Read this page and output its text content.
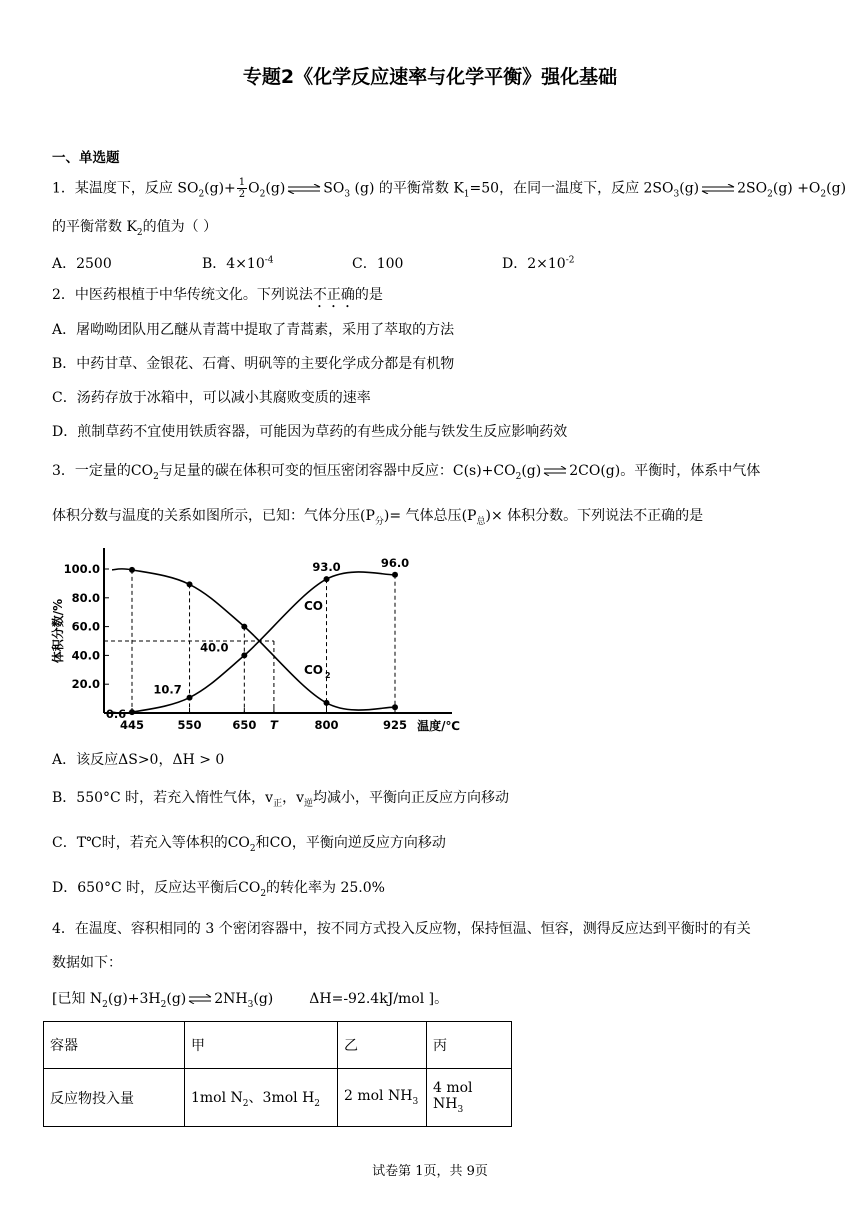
专题2《化学反应速率与化学平衡》强化基础
一、单选题
1．某温度下，反应 $SO_2(g)+ \frac{1}{2} O_2(g)$ ⇌ $SO_3$ (g) 的平衡常数 $K_1=50$，在同一温度下，反应 $2SO_3(g)$ ⇌ $2SO_2(g) +O_2(g)$
的平衡常数 $K_2$的值为（ ）
A．2500	B．$4\times 10^{-4}$	C．100	D．$2\times 10^{-2}$
2．中医药根植于中华传统文化。下列说法不正确的是
A．屠呦呦团队用乙醚从青蒿中提取了青蒿素，采用了萃取的方法
B．中药甘草、金银花、石膏、明矾等的主要化学成分都是有机物
C．汤药存放于冰箱中，可以减小其腐败变质的速率
D．煎制草药不宜使用铁质容器，可能因为草药的有些成分能与铁发生反应影响药效
3．一定量的$CO_2$与足量的碳在体积可变的恒压密闭容器中反应：$C(s)+CO_2(g)$ ⇌ 2CO(g)。平衡时，体系中气体
体积分数与温度的关系如图所示，已知：气体分压$(P_分)=$ 气体总压$(P_总)\times$ 体积分数。下列说法不正确的是
20.0
40.0
60.0
80.0
100.0
445	550	650 T	800	925
体积分数/%
温度/℃
0.6
10.7
40.0
93.0	96.0
CO
CO 2
A．该反应ΔS>0，ΔH > 0
B．550°C 时，若充入惰性气体，$v_正$，$v_逆$均减小，平衡向正反应方向移动
C．T℃时，若充入等体积的$CO_2$和CO，平衡向逆反应方向移动
D．650°C 时，反应达平衡后$CO_2$的转化率为 25.0%
4．在温度、容积相同的 3 个密闭容器中，按不同方式投入反应物，保持恒温、恒容，测得反应达到平衡时的有关
数据如下：
[已知 $N_2(g)+3H_2(g)$ ⇌ $2NH_3(g)$	ΔH=-92.4kJ/mol ]。
容器	甲	乙	丙
反应物投入量	1mol $N_2$、3mol $H_2$	2 mol $NH_3$	4 mol $NH_3$
试卷第 1页，共 9页
